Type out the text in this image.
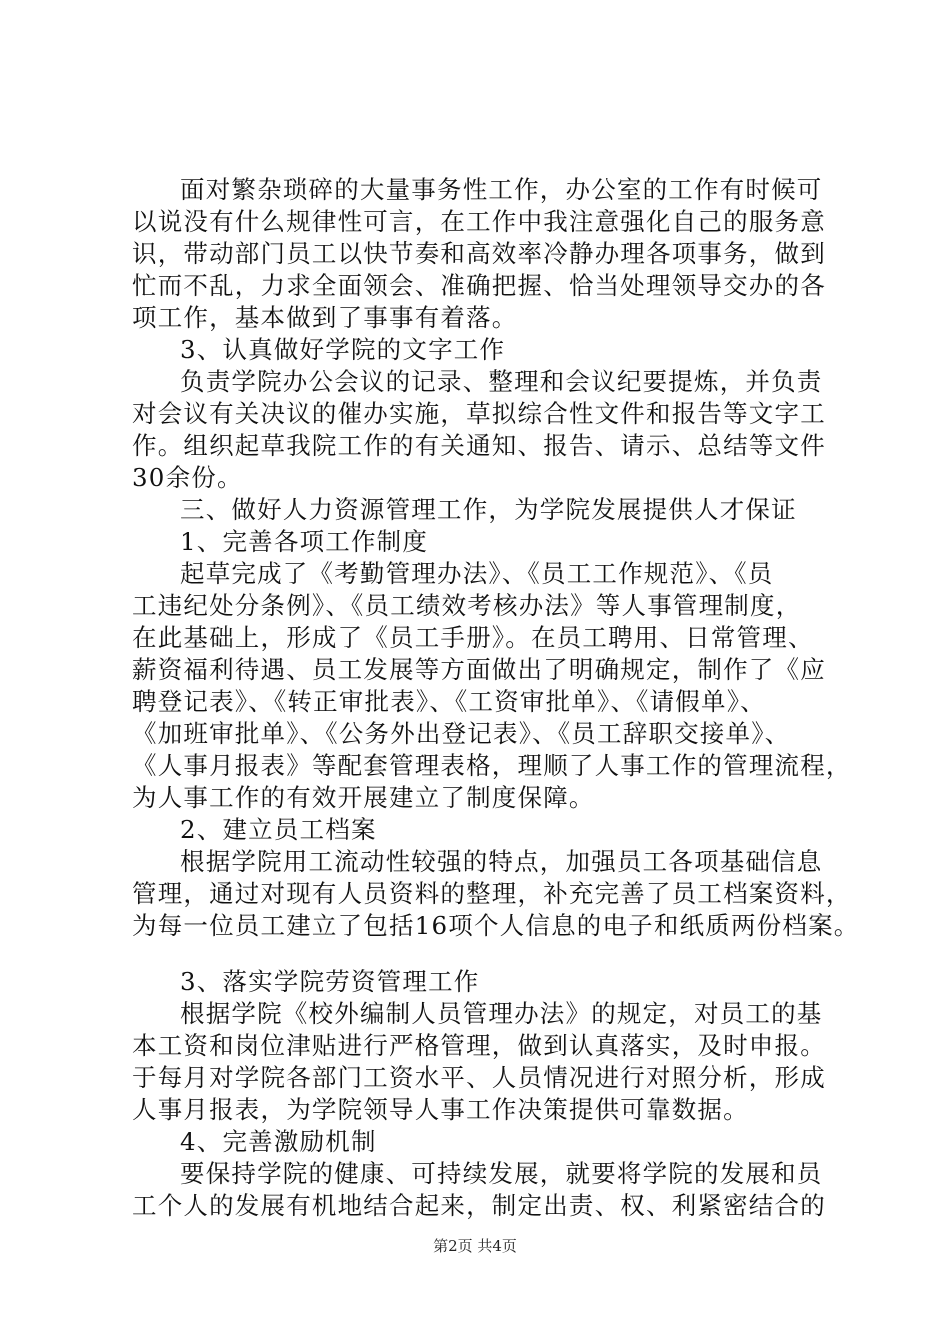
面对繁杂琐碎的大量事务性工作，办公室的工作有时候可
以说没有什么规律性可言，在工作中我注意强化自己的服务意
识，带动部门员工以快节奏和高效率冷静办理各项事务，做到
忙而不乱，力求全面领会、准确把握、恰当处理领导交办的各
项工作，基本做到了事事有着落。
3、认真做好学院的文字工作
负责学院办公会议的记录、整理和会议纪要提炼，并负责
对会议有关决议的催办实施，草拟综合性文件和报告等文字工
作。组织起草我院工作的有关通知、报告、请示、总结等文件
30余份。
三、做好人力资源管理工作，为学院发展提供人才保证
1、完善各项工作制度
起草完成了《考勤管理办法》、《员工工作规范》、《员
工违纪处分条例》、《员工绩效考核办法》等人事管理制度，
在此基础上，形成了《员工手册》。在员工聘用、日常管理、
薪资福利待遇、员工发展等方面做出了明确规定，制作了《应
聘登记表》、《转正审批表》、《工资审批单》、《请假单》、
《加班审批单》、《公务外出登记表》、《员工辞职交接单》、
《人事月报表》等配套管理表格，理顺了人事工作的管理流程，
为人事工作的有效开展建立了制度保障。
2、建立员工档案
根据学院用工流动性较强的特点，加强员工各项基础信息
管理，通过对现有人员资料的整理，补充完善了员工档案资料，
为每一位员工建立了包括16项个人信息的电子和纸质两份档案。
3、落实学院劳资管理工作
根据学院《校外编制人员管理办法》的规定，对员工的基
本工资和岗位津贴进行严格管理，做到认真落实，及时申报。
于每月对学院各部门工资水平、人员情况进行对照分析，形成
人事月报表，为学院领导人事工作决策提供可靠数据。
4、完善激励机制
要保持学院的健康、可持续发展，就要将学院的发展和员
工个人的发展有机地结合起来，制定出责、权、利紧密结合的
第2页 共4页
